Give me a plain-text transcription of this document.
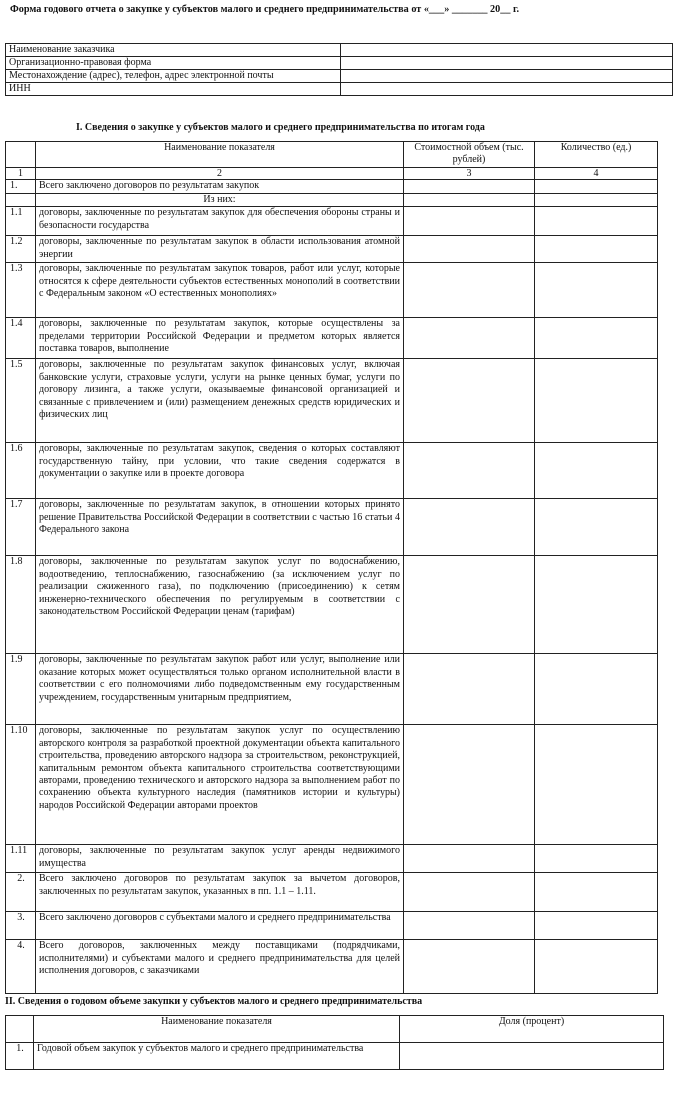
Форма годового отчета о закупке у субъектов малого и среднего предпринимательства от «___» _______ 20__ г.
Наименование заказчика	
Организационно-правовая форма	
Местонахождение (адрес), телефон, адрес электронной почты	
ИНН	
I. Сведения о закупке у субъектов малого и среднего предпринимательства по итогам года
	Наименование показателя	Стоимостной объем (тыс. рублей)	Количество (ед.)
1	2	3	4
1.	Всего заключено договоров по результатам закупок		
	Из них:		
1.1	договоры, заключенные по результатам закупок для обеспечения обороны страны и безопасности государства		
1.2	договоры, заключенные по результатам закупок в области использования атомной энергии		
1.3	договоры, заключенные по результатам закупок товаров, работ или услуг, которые относятся к сфере деятельности субъектов естественных монополий в соответствии с Федеральным законом «О естественных монополиях»		
1.4	договоры, заключенные по результатам закупок, которые осуществлены за пределами территории Российской Федерации и предметом которых является поставка товаров, выполнение		
1.5	договоры, заключенные по результатам закупок финансовых услуг, включая банковские услуги, страховые услуги, услуги на рынке ценных бумаг, услуги по договору лизинга, а также услуги, оказываемые финансовой организацией и связанные с привлечением и (или) размещением денежных средств юридических и физических лиц		
1.6	договоры, заключенные по результатам закупок, сведения о которых составляют государственную тайну, при условии, что такие сведения содержатся в документации о закупке или в проекте договора		
1.7	договоры, заключенные по результатам закупок, в отношении которых принято решение Правительства Российской Федерации в соответствии с частью 16 статьи 4 Федерального закона		
1.8	договоры, заключенные по результатам закупок услуг по водоснабжению, водоотведению, теплоснабжению, газоснабжению (за исключением услуг по реализации сжиженного газа), по подключению (присоединению) к сетям инженерно-технического обеспечения по регулируемым в соответствии с законодательством Российской Федерации ценам (тарифам)		
1.9	договоры, заключенные по результатам закупок работ или услуг, выполнение или оказание которых может осуществляться только органом исполнительной власти в соответствии с его полномочиями либо подведомственным ему государственным учреждением, государственным унитарным предприятием,		
1.10	договоры, заключенные по результатам закупок услуг по осуществлению авторского контроля за разработкой проектной документации объекта капитального строительства, проведению авторского надзора за строительством, реконструкцией, капитальным ремонтом объекта капитального строительства соответствующими авторами, проведению технического и авторского надзора за выполнением работ по сохранению объекта культурного наследия (памятников истории и культуры) народов Российской Федерации авторами проектов		
1.11	договоры, заключенные по результатам закупок услуг аренды недвижимого имущества		
2.	Всего заключено договоров по результатам закупок за вычетом договоров, заключенных по результатам закупок, указанных в пп. 1.1 – 1.11.		
3.	Всего заключено договоров с субъектами малого и среднего предпринимательства		
4.	Всего договоров, заключенных между поставщиками (подрядчиками, исполнителями) и субъектами малого и среднего предпринимательства для целей исполнения договоров, с заказчиками		
II. Сведения о годовом объеме закупки у субъектов малого и среднего предпринимательства
	Наименование показателя	Доля (процент)
1.	Годовой объем закупок у субъектов малого и среднего предпринимательства	
